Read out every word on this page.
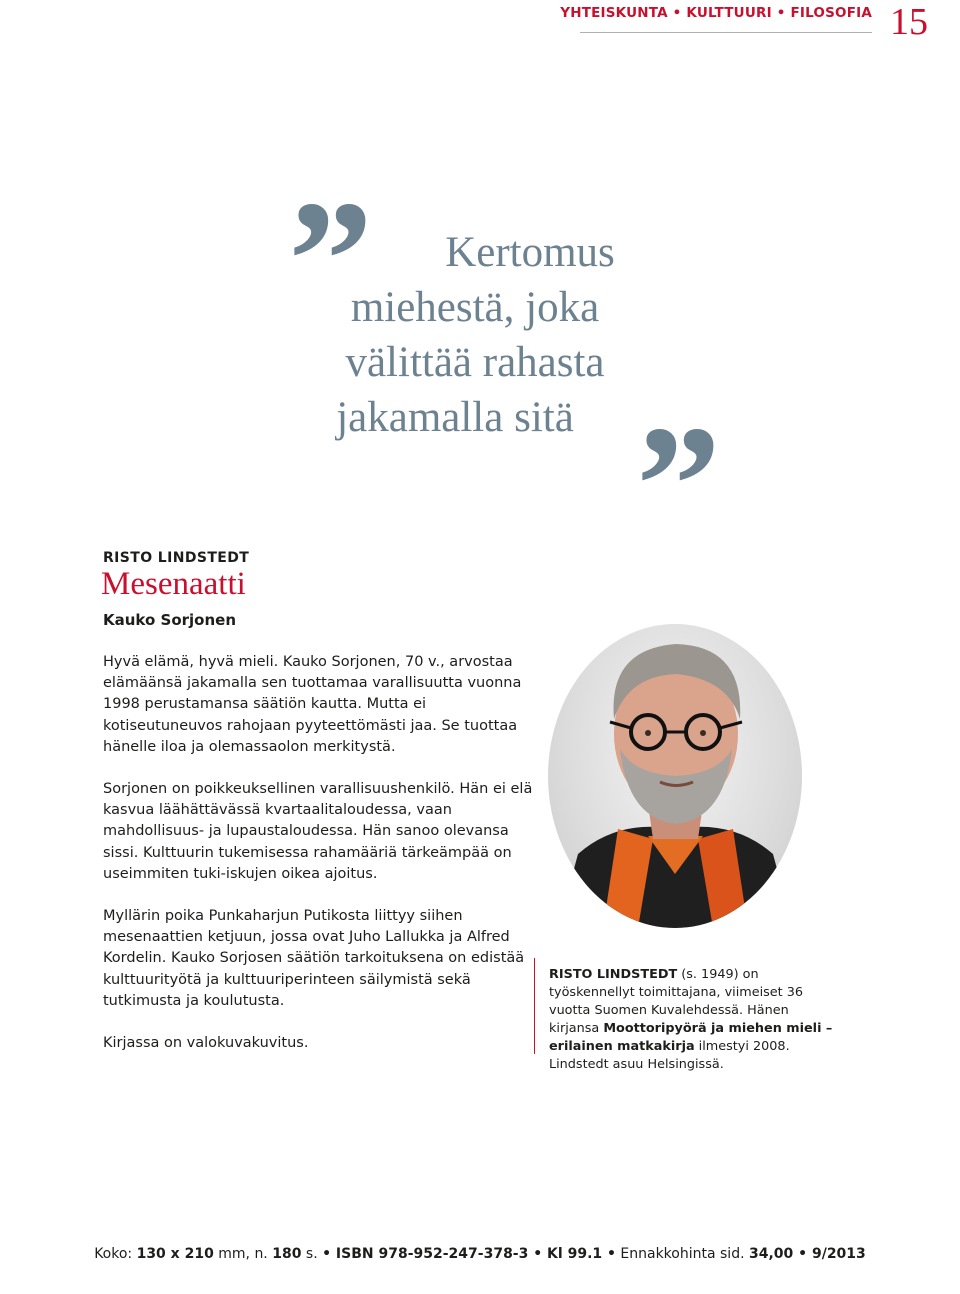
YHTEISKUNTA • KULTTUURI • FILOSOFIA 15
”	Kertomus
miehestä, joka
välittää rahasta
jakamalla sitä ”
RISTO LINDSTEDT
Mesenaatti
Kauko Sorjonen

Hyvä elämä, hyvä mieli. Kauko Sorjonen, 70 v., arvostaa elämäänsä jakamalla sen tuottamaa varallisuutta vuonna 1998 perustamansa säätiön kautta. Mutta ei kotiseutuneuvos rahojaan pyyteettömästi jaa. Se tuottaa hänelle iloa ja olemassaolon merkitystä.

Sorjonen on poikkeuksellinen varallisuushenkilö. Hän ei elä kasvua läähättävässä kvartaalitaloudessa, vaan mahdollisuus- ja lupaustaloudessa. Hän sanoo olevansa sissi. Kulttuurin tukemisessa rahamääriä tärkeämpää on useimmiten tuki-iskujen oikea ajoitus.

Myllärin poika Punkaharjun Putikosta liittyy siihen mesenaattien ketjuun, jossa ovat Juho Lallukka ja Alfred Kordelin. Kauko Sorjosen säätiön tarkoituksena on edistää kulttuurityötä ja kulttuuriperinteen säilymistä sekä tutkimusta ja koulutusta.

Kirjassa on valokuvakuvitus.

RISTO LINDSTEDT (s. 1949) on työskennellyt toimittajana, viimeiset 36 vuotta Suomen Kuvalehdessä. Hänen kirjansa Moottoripyörä ja miehen mieli – erilainen matkakirja ilmestyi 2008. Lindstedt asuu Helsingissä.
Koko: 130 x 210 mm, n. 180 s. • ISBN 978-952-247-378-3 • Kl 99.1 • Ennakkohinta sid. 34,00 • 9/2013
